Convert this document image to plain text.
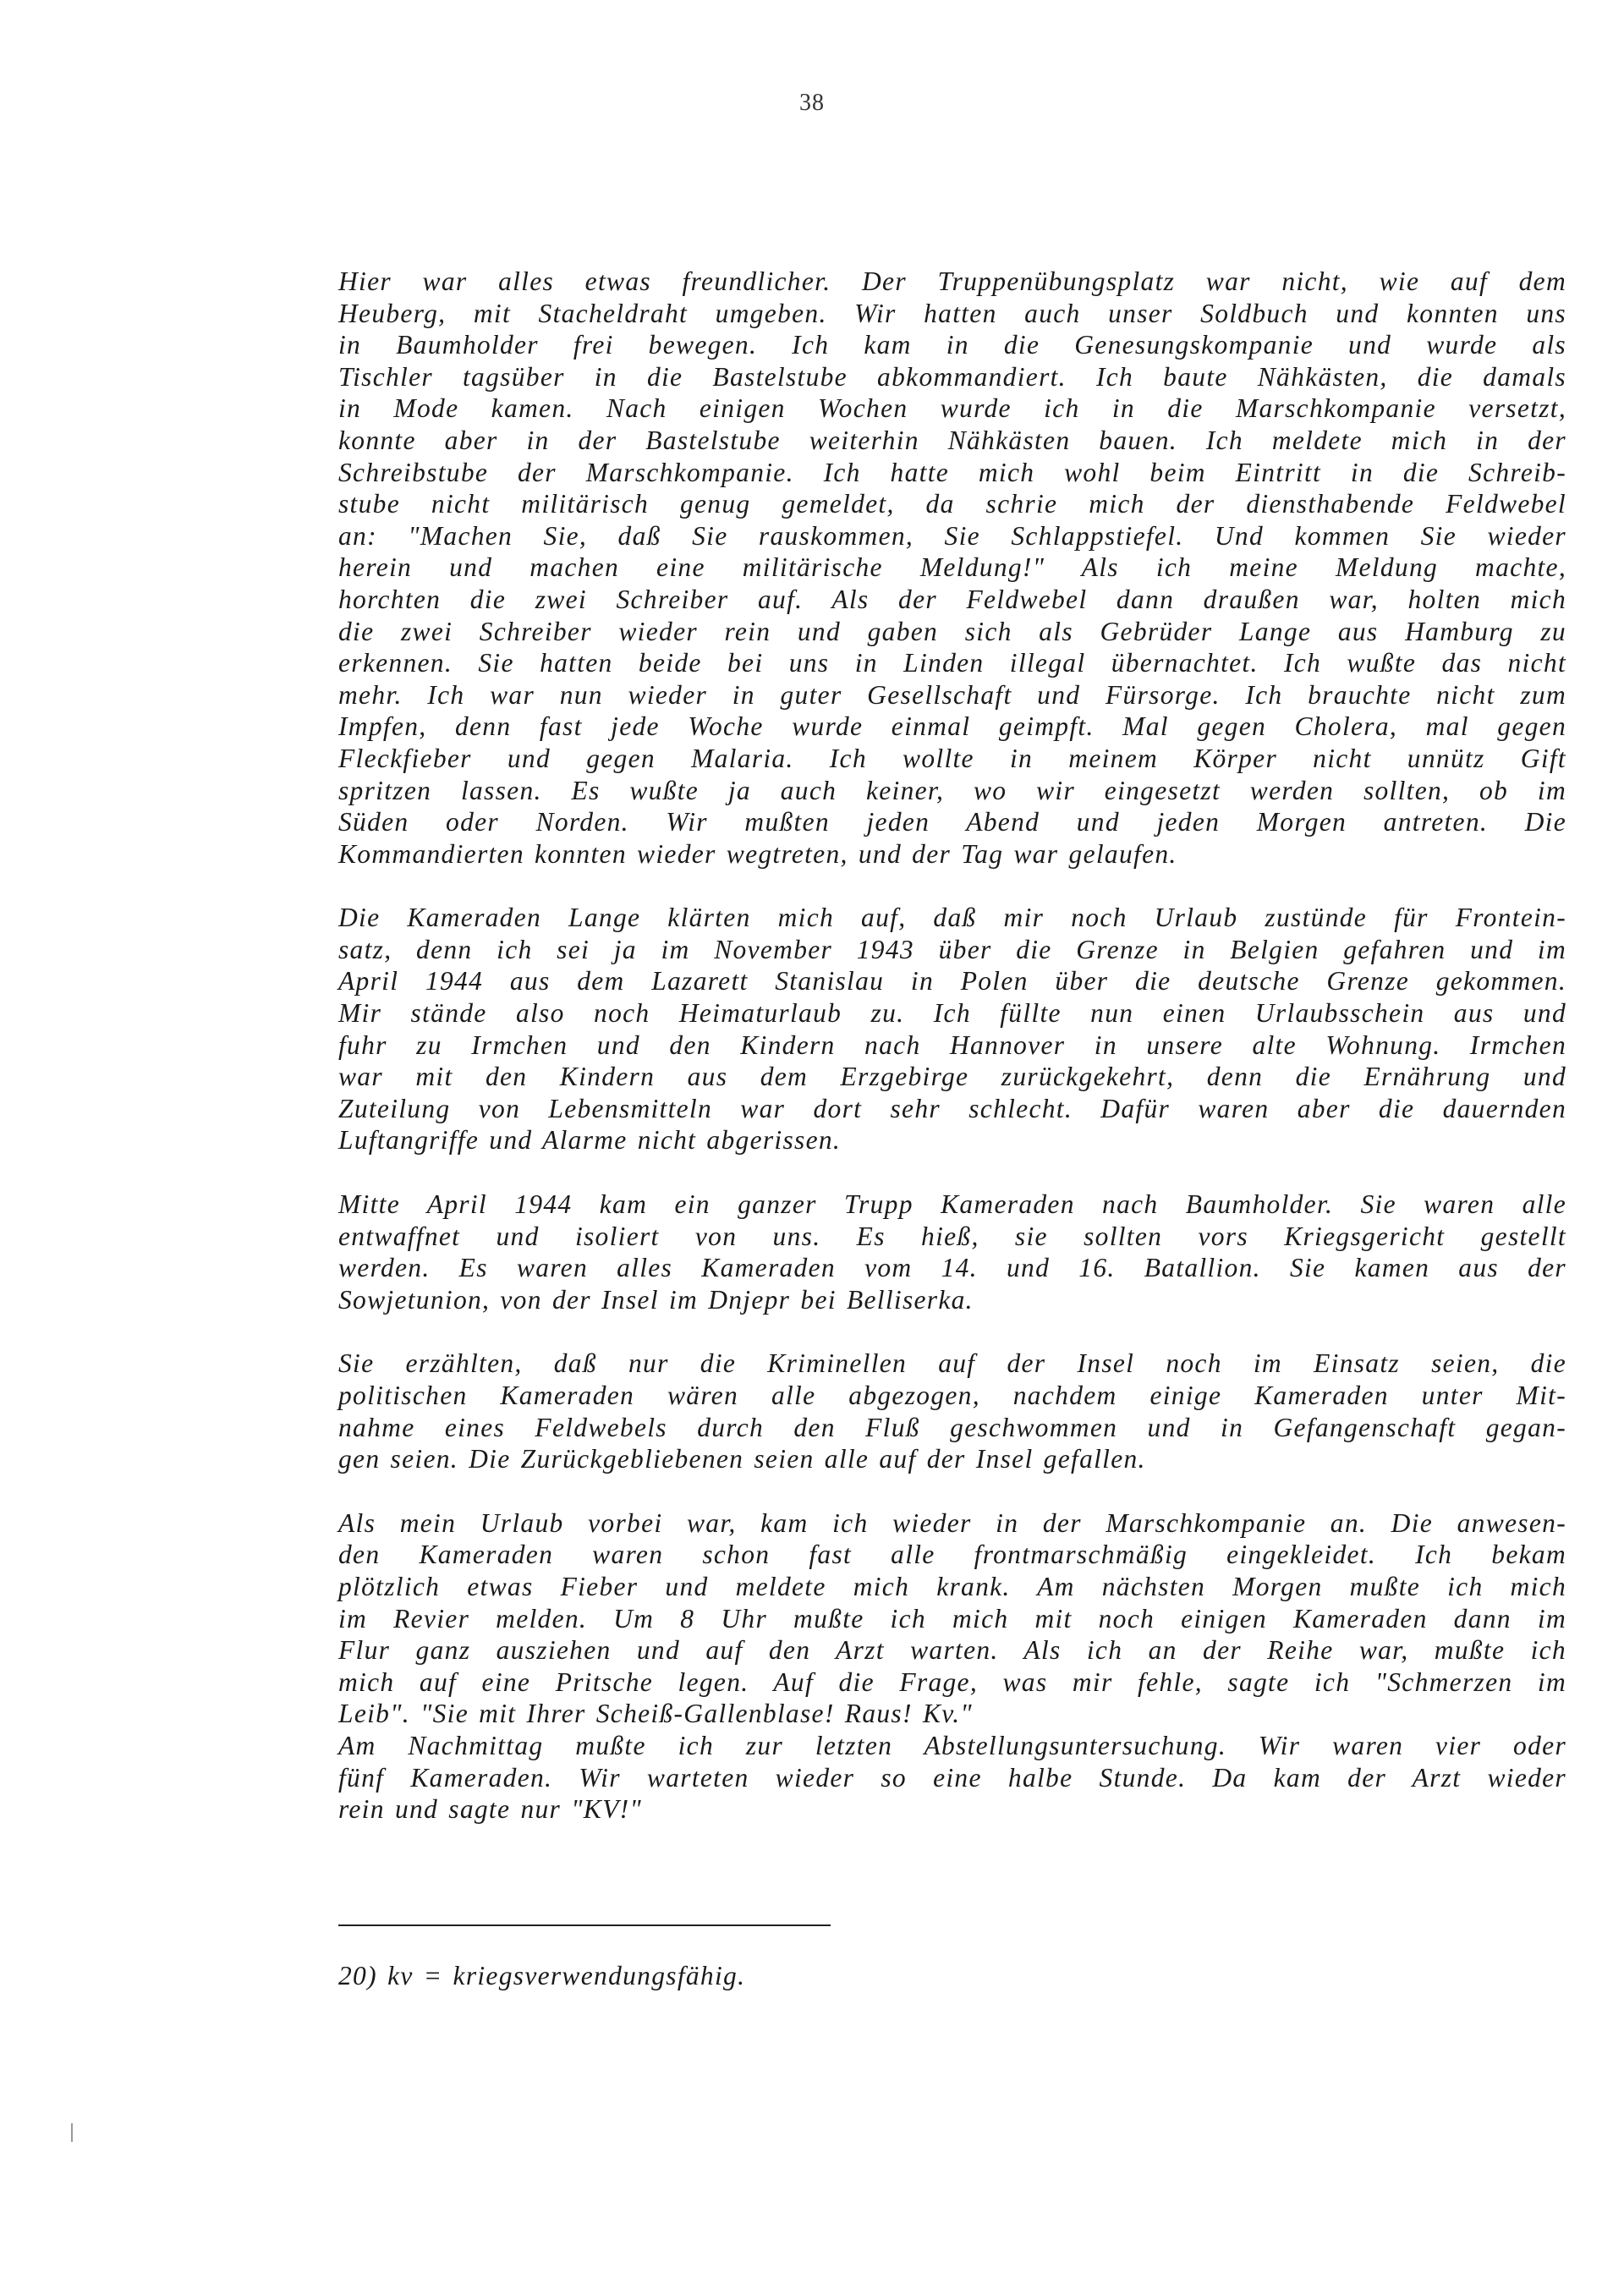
38

Hier war alles etwas freundlicher. Der Truppenübungsplatz war nicht, wie auf dem
Heuberg, mit Stacheldraht umgeben. Wir hatten auch unser Soldbuch und konnten uns
in Baumholder frei bewegen. Ich kam in die Genesungskompanie und wurde als
Tischler tagsüber in die Bastelstube abkommandiert. Ich baute Nähkästen, die damals
in Mode kamen. Nach einigen Wochen wurde ich in die Marschkompanie versetzt,
konnte aber in der Bastelstube weiterhin Nähkästen bauen. Ich meldete mich in der
Schreibstube der Marschkompanie. Ich hatte mich wohl beim Eintritt in die Schreib-
stube nicht militärisch genug gemeldet, da schrie mich der diensthabende Feldwebel
an: "Machen Sie, daß Sie rauskommen, Sie Schlappstiefel. Und kommen Sie wieder
herein und machen eine militärische Meldung!" Als ich meine Meldung machte,
horchten die zwei Schreiber auf. Als der Feldwebel dann draußen war, holten mich
die zwei Schreiber wieder rein und gaben sich als Gebrüder Lange aus Hamburg zu
erkennen. Sie hatten beide bei uns in Linden illegal übernachtet. Ich wußte das nicht
mehr. Ich war nun wieder in guter Gesellschaft und Fürsorge. Ich brauchte nicht zum
Impfen, denn fast jede Woche wurde einmal geimpft. Mal gegen Cholera, mal gegen
Fleckfieber und gegen Malaria. Ich wollte in meinem Körper nicht unnütz Gift
spritzen lassen. Es wußte ja auch keiner, wo wir eingesetzt werden sollten, ob im
Süden oder Norden. Wir mußten jeden Abend und jeden Morgen antreten. Die
Kommandierten konnten wieder wegtreten, und der Tag war gelaufen.

Die Kameraden Lange klärten mich auf, daß mir noch Urlaub zustünde für Frontein-
satz, denn ich sei ja im November 1943 über die Grenze in Belgien gefahren und im
April 1944 aus dem Lazarett Stanislau in Polen über die deutsche Grenze gekommen.
Mir stände also noch Heimaturlaub zu. Ich füllte nun einen Urlaubsschein aus und
fuhr zu Irmchen und den Kindern nach Hannover in unsere alte Wohnung. Irmchen
war mit den Kindern aus dem Erzgebirge zurückgekehrt, denn die Ernährung und
Zuteilung von Lebensmitteln war dort sehr schlecht. Dafür waren aber die dauernden
Luftangriffe und Alarme nicht abgerissen.

Mitte April 1944 kam ein ganzer Trupp Kameraden nach Baumholder. Sie waren alle
entwaffnet und isoliert von uns. Es hieß, sie sollten vors Kriegsgericht gestellt
werden. Es waren alles Kameraden vom 14. und 16. Batallion. Sie kamen aus der
Sowjetunion, von der Insel im Dnjepr bei Belliserka.

Sie erzählten, daß nur die Kriminellen auf der Insel noch im Einsatz seien, die
politischen Kameraden wären alle abgezogen, nachdem einige Kameraden unter Mit-
nahme eines Feldwebels durch den Fluß geschwommen und in Gefangenschaft gegan-
gen seien. Die Zurückgebliebenen seien alle auf der Insel gefallen.

Als mein Urlaub vorbei war, kam ich wieder in der Marschkompanie an. Die anwesen-
den Kameraden waren schon fast alle frontmarschmäßig eingekleidet. Ich bekam
plötzlich etwas Fieber und meldete mich krank. Am nächsten Morgen mußte ich mich
im Revier melden. Um 8 Uhr mußte ich mich mit noch einigen Kameraden dann im
Flur ganz ausziehen und auf den Arzt warten. Als ich an der Reihe war, mußte ich
mich auf eine Pritsche legen. Auf die Frage, was mir fehle, sagte ich "Schmerzen im
Leib". "Sie mit Ihrer Scheiß-Gallenblase! Raus! Kv."
Am Nachmittag mußte ich zur letzten Abstellungsuntersuchung. Wir waren vier oder
fünf Kameraden. Wir warteten wieder so eine halbe Stunde. Da kam der Arzt wieder
rein und sagte nur "KV!"

20) kv = kriegsverwendungsfähig.
